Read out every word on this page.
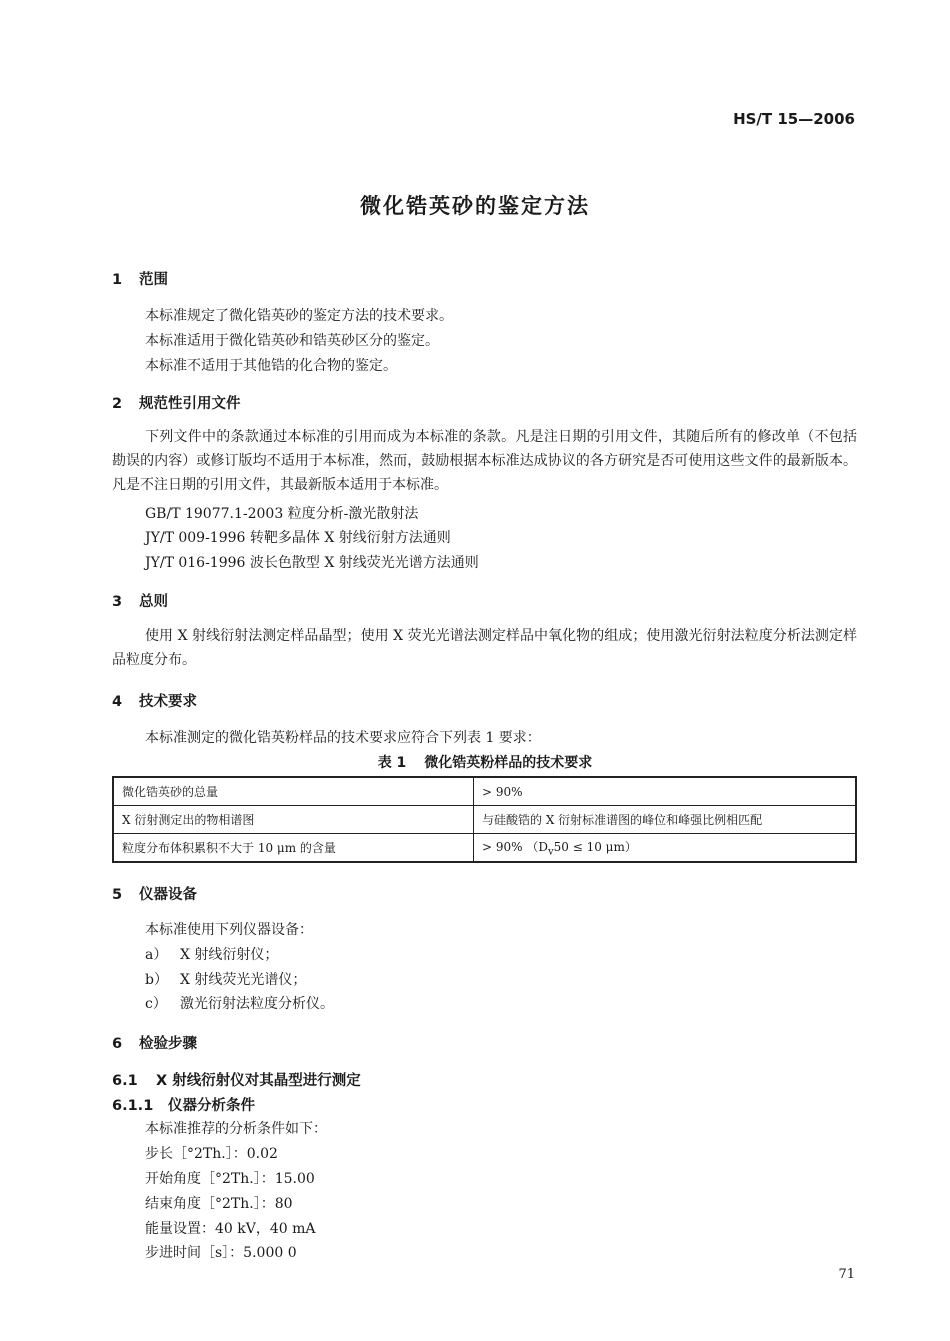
HS/T 15—2006
微化锆英砂的鉴定方法
1 范围
本标准规定了微化锆英砂的鉴定方法的技术要求。
本标准适用于微化锆英砂和锆英砂区分的鉴定。
本标准不适用于其他锆的化合物的鉴定。
2 规范性引用文件
下列文件中的条款通过本标准的引用而成为本标准的条款。凡是注日期的引用文件，其随后所有的修改单（不包括勘误的内容）或修订版均不适用于本标准，然而，鼓励根据本标准达成协议的各方研究是否可使用这些文件的最新版本。凡是不注日期的引用文件，其最新版本适用于本标准。
GB/T 19077.1-2003 粒度分析-激光散射法
JY/T 009-1996 转靶多晶体 X 射线衍射方法通则
JY/T 016-1996 波长色散型 X 射线荧光光谱方法通则
3 总则
使用 X 射线衍射法测定样品晶型；使用 X 荧光光谱法测定样品中氧化物的组成；使用激光衍射法粒度分析法测定样品粒度分布。
4 技术要求
本标准测定的微化锆英粉样品的技术要求应符合下列表 1 要求：
表 1 微化锆英粉样品的技术要求
微化锆英砂的总量	> 90%
X 衍射测定出的物相谱图	与硅酸锆的 X 衍射标准谱图的峰位和峰强比例相匹配
粒度分布体积累积不大于 10 μm 的含量	> 90% （$D_v50 \le 10$ μm）
5 仪器设备
本标准使用下列仪器设备：
a） X 射线衍射仪；
b） X 射线荧光光谱仪；
c） 激光衍射法粒度分析仪。
6 检验步骤
6.1 X 射线衍射仪对其晶型进行测定
6.1.1 仪器分析条件
本标准推荐的分析条件如下：
步长［°2Th.］：0.02
开始角度［°2Th.］：15.00
结束角度［°2Th.］：80
能量设置：40 kV，40 mA
步进时间［s］：5.000 0
71
